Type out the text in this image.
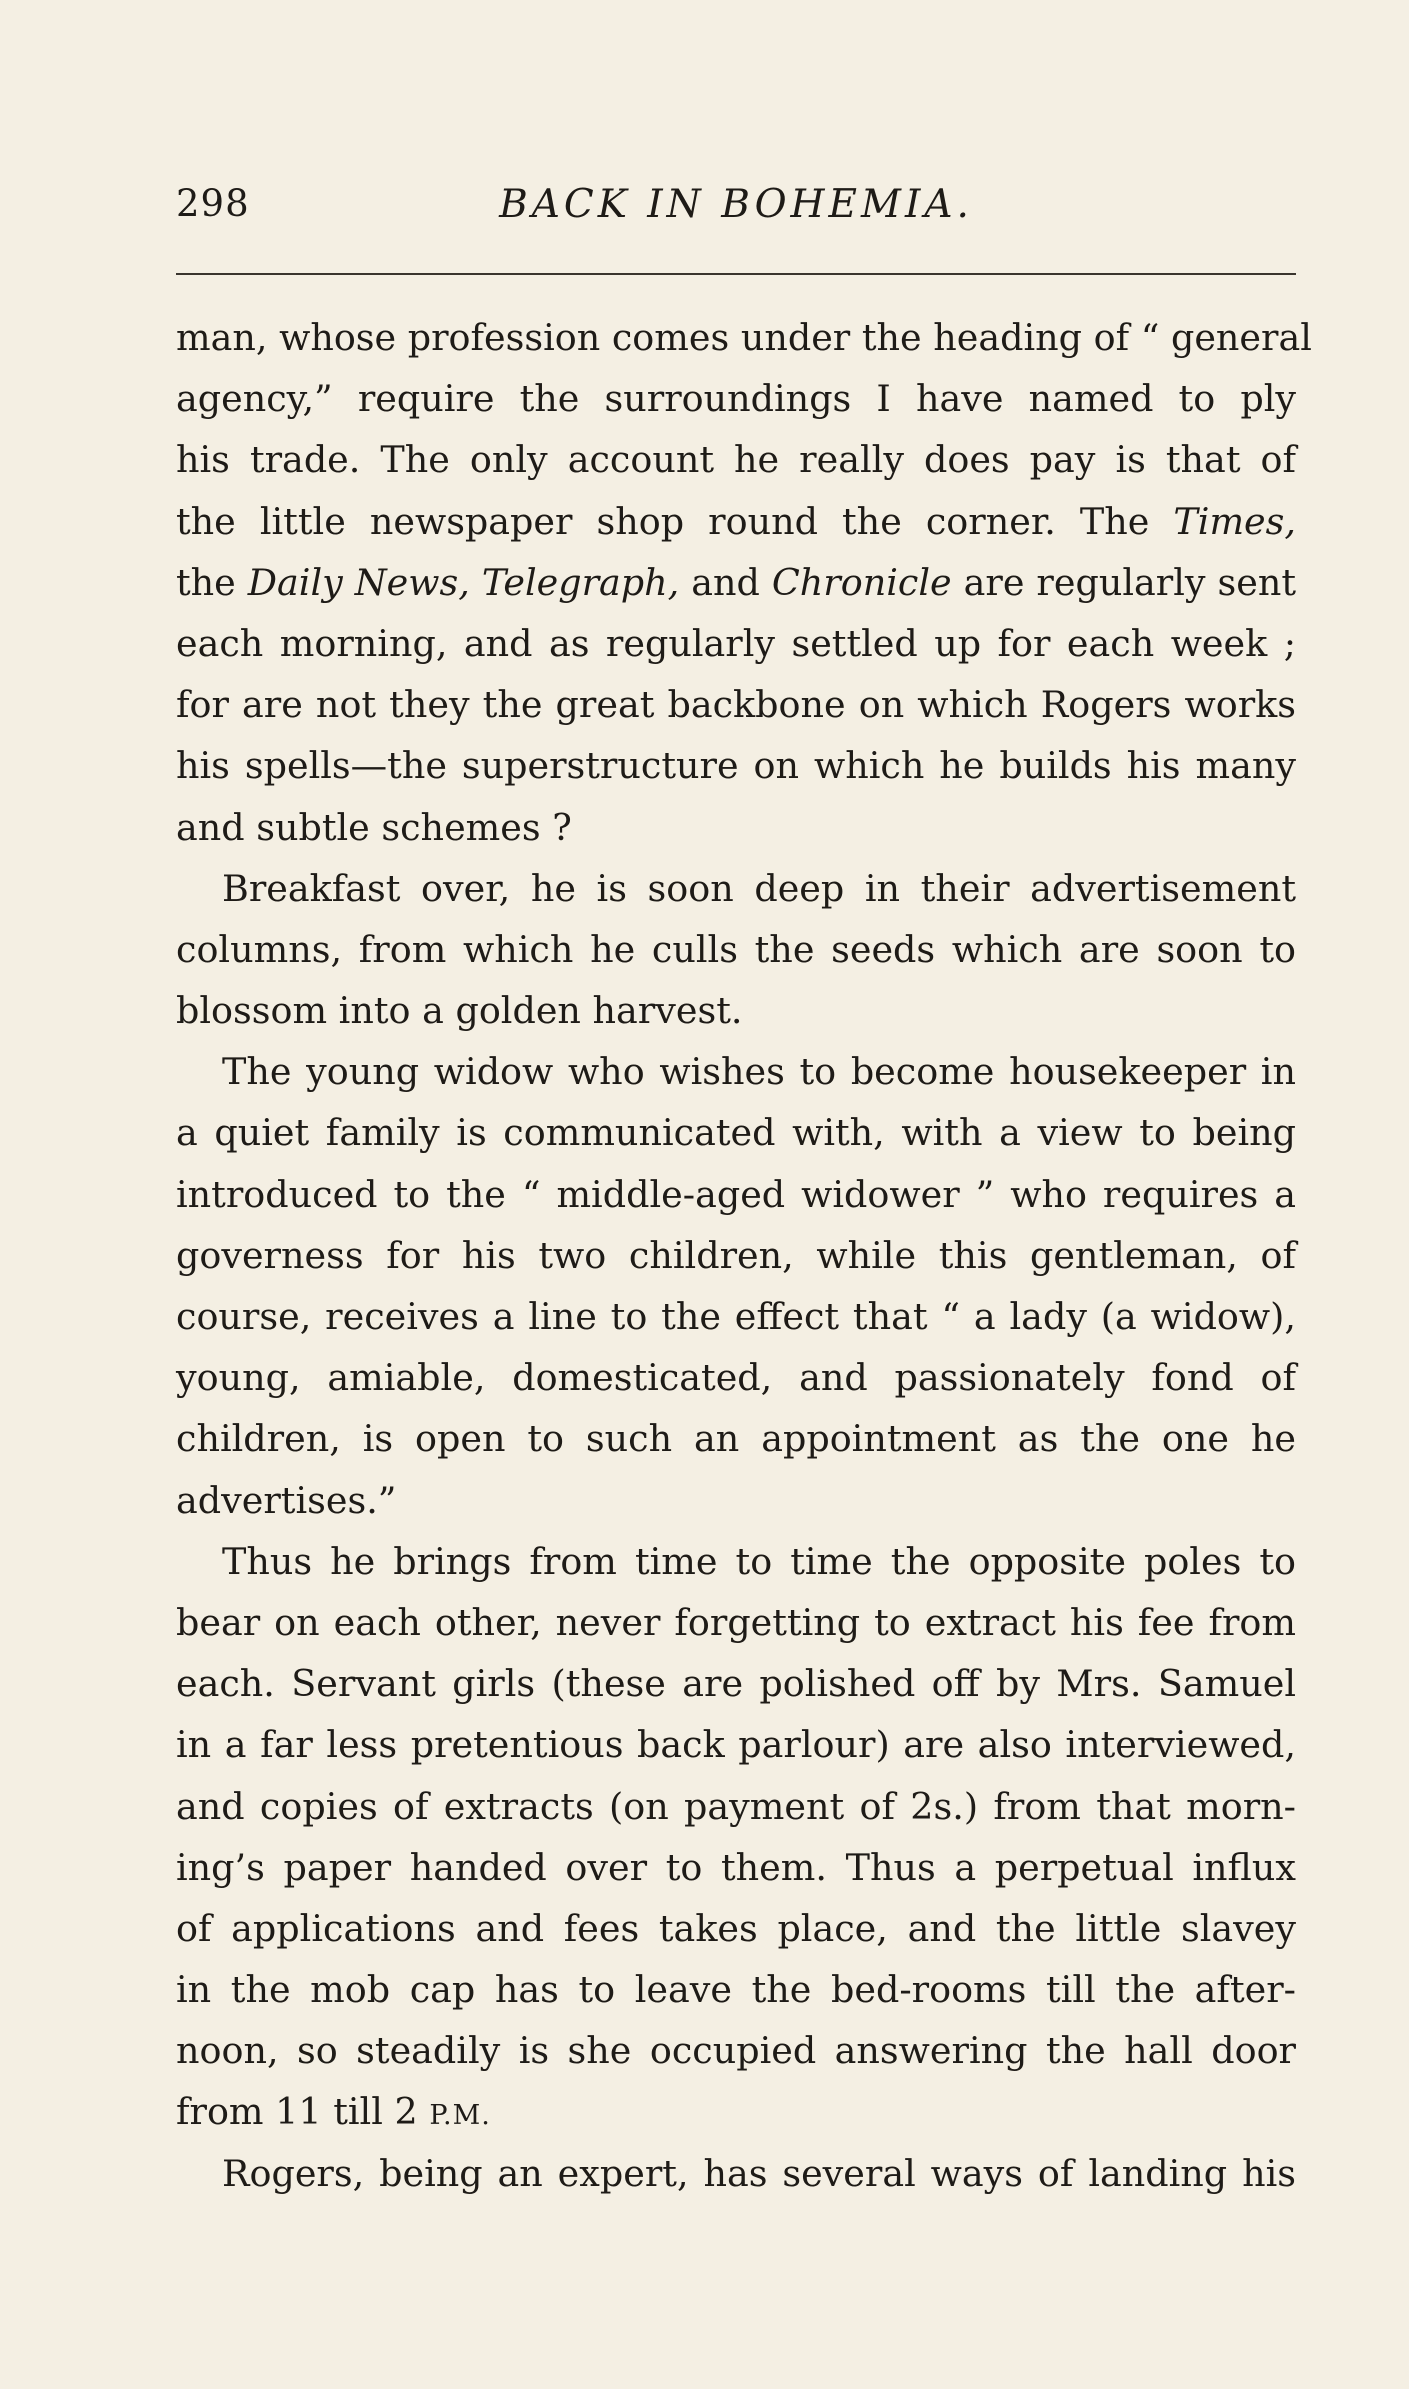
298	BACK IN BOHEMIA.
man, whose profession comes under the heading of “ general
agency,” require the surroundings I have named to ply
his trade. The only account he really does pay is that of
the little newspaper shop round the corner. The Times,
the Daily News, Telegraph, and Chronicle are regularly sent
each morning, and as regularly settled up for each week ;
for are not they the great backbone on which Rogers works
his spells—the superstructure on which he builds his many
and subtle schemes ?
Breakfast over, he is soon deep in their advertisement
columns, from which he culls the seeds which are soon to
blossom into a golden harvest.
The young widow who wishes to become housekeeper in
a quiet family is communicated with, with a view to being
introduced to the “ middle-aged widower ” who requires a
governess for his two children, while this gentleman, of
course, receives a line to the effect that “ a lady (a widow),
young, amiable, domesticated, and passionately fond of
children, is open to such an appointment as the one he
advertises.”
Thus he brings from time to time the opposite poles to
bear on each other, never forgetting to extract his fee from
each. Servant girls (these are polished off by Mrs. Samuel
in a far less pretentious back parlour) are also interviewed,
and copies of extracts (on payment of 2s.) from that morn-
ing’s paper handed over to them. Thus a perpetual influx
of applications and fees takes place, and the little slavey
in the mob cap has to leave the bed-rooms till the after-
noon, so steadily is she occupied answering the hall door
from 11 till 2 P.M.
Rogers, being an expert, has several ways of landing his
